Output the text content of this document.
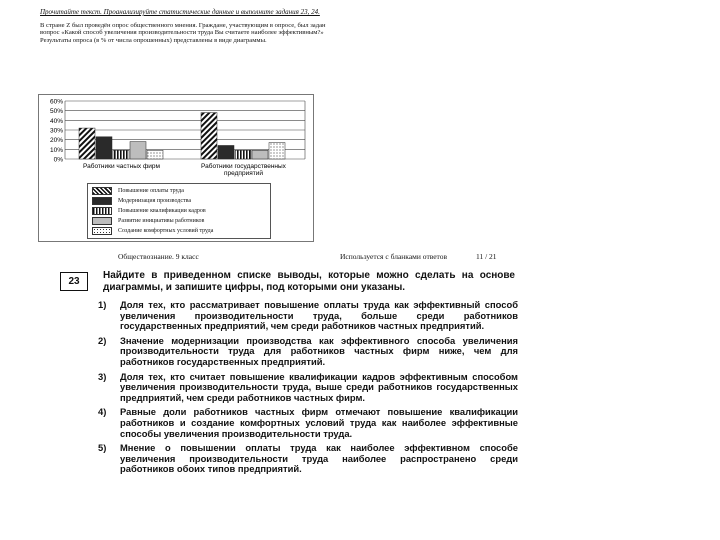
Прочитайте текст. Проанализируйте статистические данные и выполните задания 23, 24.

В стране Z был проведён опрос общественного мнения. Граждане, участвующим в опросе, был задан вопрос «Какой способ увеличения производительности труда Вы считаете наиболее эффективным?»

Результаты опроса (в % от числа опрошенных) представлены в виде диаграммы.

60%
50%
40%
30%
20%
10%
0%
Работники частных фирм	Работники государственных предприятий
Повышение оплаты труда
Модернизация производства
Повышение квалификации кадров
Развитие инициативы работников
Создание комфортных условий труда
Обществознание. 9 класс	Используется с бланками ответов	11 / 21
23

Найдите в приведенном списке выводы, которые можно сделать на основе диаграммы, и запишите цифры, под которыми они указаны.

1) Доля тех, кто рассматривает повышение оплаты труда как эффективный способ увеличения производительности труда, больше среди работников государственных предприятий, чем среди работников частных предприятий.

2) Значение модернизации производства как эффективного способа увеличения производительности труда для работников частных фирм ниже, чем для работников государственных предприятий.

3) Доля тех, кто считает повышение квалификации кадров эффективным способом увеличения производительности труда, выше среди работников государственных предприятий, чем среди работников частных фирм.

4) Равные доли работников частных фирм отмечают повышение квалификации работников и создание комфортных условий труда как наиболее эффективные способы увеличения производительности труда.

5) Мнение о повышении оплаты труда как наиболее эффективном способе увеличения производительности труда наиболее распространено среди работников обоих типов предприятий.
